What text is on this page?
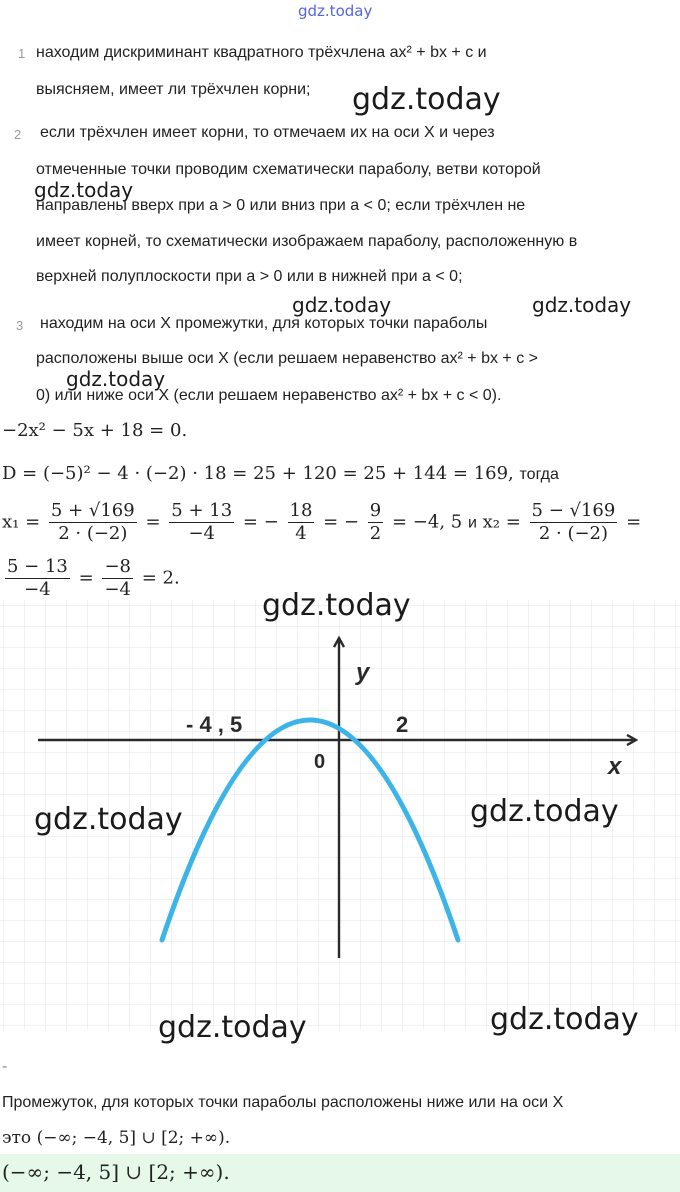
gdz.today
1 находим дискриминант квадратного трёхчлена ax² + bx + c и
выясняем, имеет ли трёхчлен корни; gdz.today
2 если трёхчлен имеет корни, то отмечаем их на оси X и через
отмеченные точки проводим схематически параболу, ветви которой
gdz.today
направлены вверх при a > 0 или вниз при a < 0; если трёхчлен не
имеет корней, то схематически изображаем параболу, расположенную в
верхней полуплоскости при a > 0 или в нижней при a < 0;
gdz.today	gdz.today
3 находим на оси X промежутки, для которых точки параболы
расположены выше оси X (если решаем неравенство ax² + bx + c >
gdz.today
0) или ниже оси X (если решаем неравенство ax² + bx + c < 0).
−2x² − 5x + 18 = 0.
D = (−5)² − 4 · (−2) · 18 = 25 + 120 = 25 + 144 = 169, тогда
$x_1 = \frac{5 + √169}{2 \cdot (-2)} = \frac{5 + 13}{-4}$ = − $\frac{18}{4}$ = − $\frac{9}{2} = -4$, 5 и $x_2 = \frac{5 - √169}{2 \cdot (-2)}$ =
$\frac{5 - 13}{-4} = \frac{-8}{-4} = 2$.
y
x
0
- 4 , 5	2
gdz.today
gdz.today	gdz.today
gdz.today	gdz.today
-
Промежуток, для которых точки параболы расположены ниже или на оси X
это (−∞; −4, 5] ∪ [2; +∞).
(−∞; −4, 5] ∪ [2; +∞).
